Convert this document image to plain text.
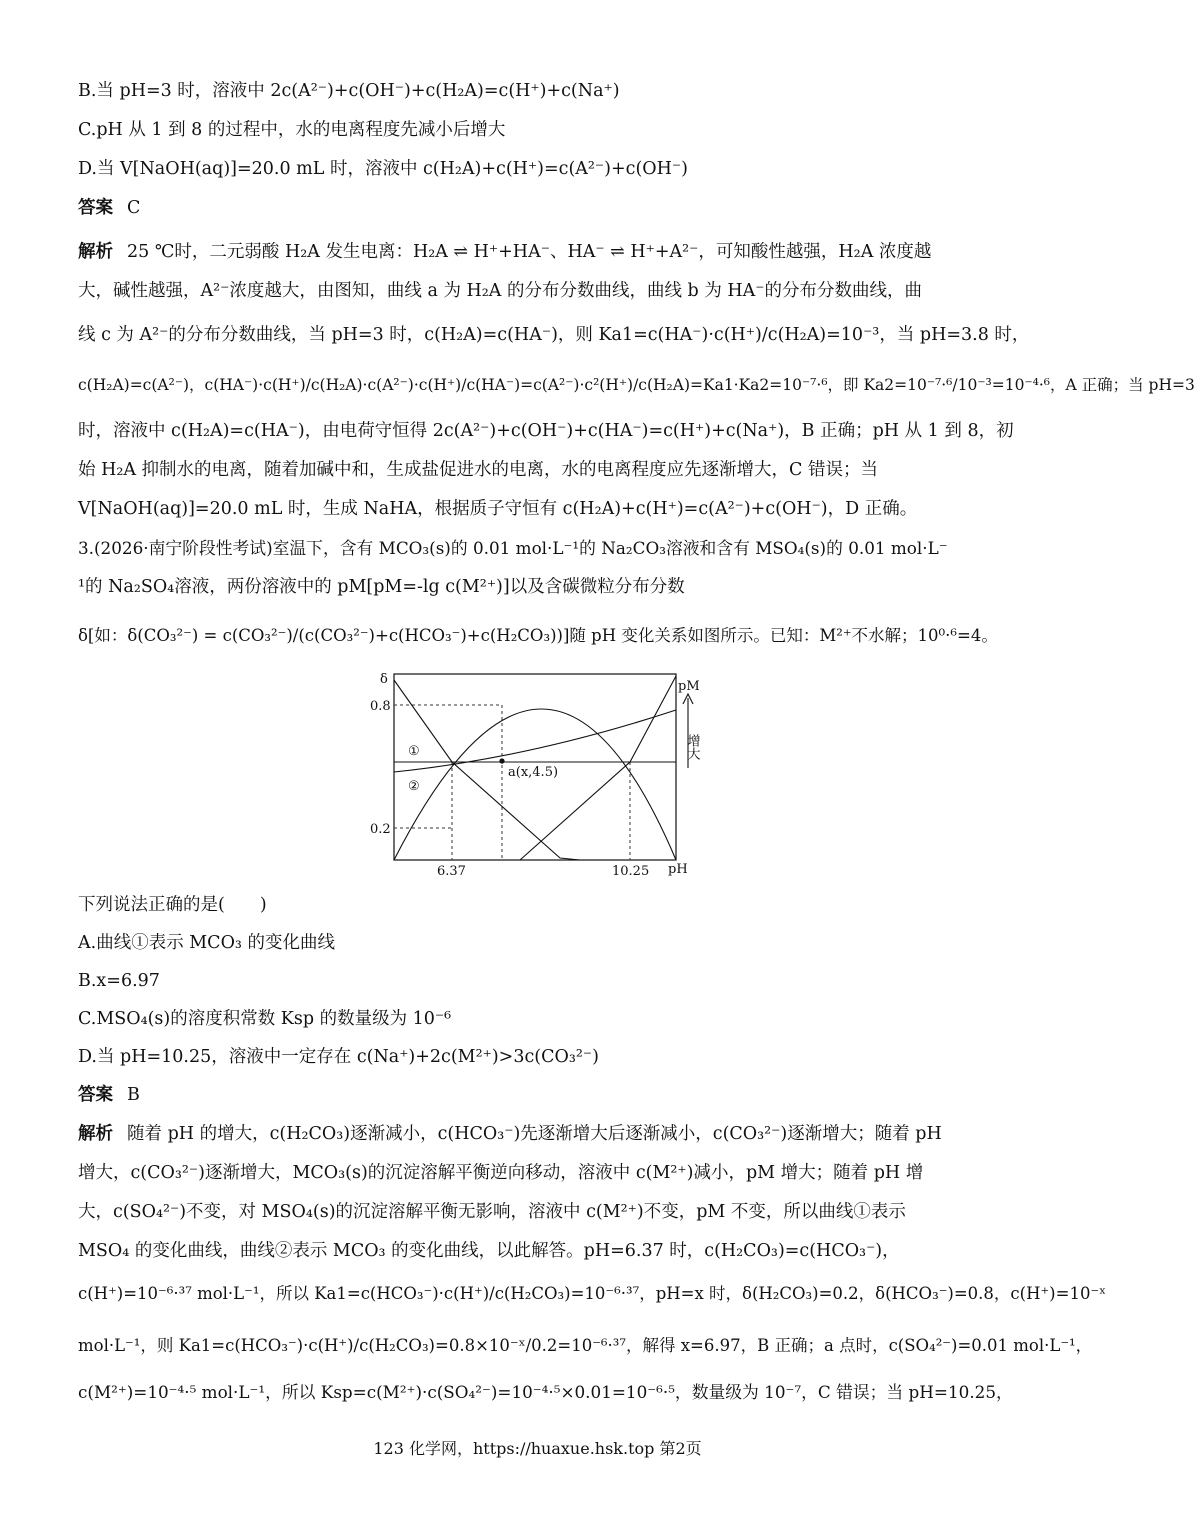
B.当 pH=3 时，溶液中 2c(A²⁻)+c(OH⁻)+c(H₂A)=c(H⁺)+c(Na⁺)
C.pH 从 1 到 8 的过程中，水的电离程度先减小后增大
D.当 V[NaOH(aq)]=20.0 mL 时，溶液中 c(H₂A)+c(H⁺)=c(A²⁻)+c(OH⁻)
答案 C
解析 25 ℃时，二元弱酸 H₂A 发生电离：H₂A ⇌ H⁺+HA⁻、HA⁻ ⇌ H⁺+A²⁻，可知酸性越强，H₂A 浓度越
大，碱性越强，A²⁻浓度越大，由图知，曲线 a 为 H₂A 的分布分数曲线，曲线 b 为 HA⁻的分布分数曲线，曲
线 c 为 A²⁻的分布分数曲线，当 pH=3 时，c(H₂A)=c(HA⁻)，则 Ka1=c(HA⁻)·c(H⁺)/c(H₂A)=10⁻³，当 pH=3.8 时，
c(H₂A)=c(A²⁻)，c(HA⁻)·c(H⁺)/c(H₂A)·c(A²⁻)·c(H⁺)/c(HA⁻)=c(A²⁻)·c²(H⁺)/c(H₂A)=Ka1·Ka2=10⁻⁷·⁶，即 Ka2=10⁻⁷·⁶/10⁻³=10⁻⁴·⁶，A 正确；当 pH=3
时，溶液中 c(H₂A)=c(HA⁻)，由电荷守恒得 2c(A²⁻)+c(OH⁻)+c(HA⁻)=c(H⁺)+c(Na⁺)，B 正确；pH 从 1 到 8，初
始 H₂A 抑制水的电离，随着加碱中和，生成盐促进水的电离，水的电离程度应先逐渐增大，C 错误；当
V[NaOH(aq)]=20.0 mL 时，生成 NaHA，根据质子守恒有 c(H₂A)+c(H⁺)=c(A²⁻)+c(OH⁻)，D 正确。
3.(2026·南宁阶段性考试)室温下，含有 MCO₃(s)的 0.01 mol·L⁻¹的 Na₂CO₃溶液和含有 MSO₄(s)的 0.01 mol·L⁻
¹的 Na₂SO₄溶液，两份溶液中的 pM[pM=-lg c(M²⁺)]以及含碳微粒分布分数
δ[如：δ(CO₃²⁻) = c(CO₃²⁻)/(c(CO₃²⁻)+c(HCO₃⁻)+c(H₂CO₃))]随 pH 变化关系如图所示。已知：M²⁺不水解；10⁰·⁶=4。
下列说法正确的是(　　)
A.曲线①表示 MCO₃ 的变化曲线
B.x=6.97
C.MSO₄(s)的溶度积常数 Ksp 的数量级为 10⁻⁶
D.当 pH=10.25，溶液中一定存在 c(Na⁺)+2c(M²⁺)>3c(CO₃²⁻)
答案 B
解析 随着 pH 的增大，c(H₂CO₃)逐渐减小，c(HCO₃⁻)先逐渐增大后逐渐减小，c(CO₃²⁻)逐渐增大；随着 pH
增大，c(CO₃²⁻)逐渐增大，MCO₃(s)的沉淀溶解平衡逆向移动，溶液中 c(M²⁺)减小，pM 增大；随着 pH 增
大，c(SO₄²⁻)不变，对 MSO₄(s)的沉淀溶解平衡无影响，溶液中 c(M²⁺)不变，pM 不变，所以曲线①表示
MSO₄ 的变化曲线，曲线②表示 MCO₃ 的变化曲线，以此解答。pH=6.37 时，c(H₂CO₃)=c(HCO₃⁻)，
c(H⁺)=10⁻⁶·³⁷ mol·L⁻¹，所以 Ka1=c(HCO₃⁻)·c(H⁺)/c(H₂CO₃)=10⁻⁶·³⁷，pH=x 时，δ(H₂CO₃)=0.2，δ(HCO₃⁻)=0.8，c(H⁺)=10⁻ˣ
mol·L⁻¹，则 Ka1=c(HCO₃⁻)·c(H⁺)/c(H₂CO₃)=0.8×10⁻ˣ/0.2=10⁻⁶·³⁷，解得 x=6.97，B 正确；a 点时，c(SO₄²⁻)=0.01 mol·L⁻¹，
c(M²⁺)=10⁻⁴·⁵ mol·L⁻¹，所以 Ksp=c(M²⁺)·c(SO₄²⁻)=10⁻⁴·⁵×0.01=10⁻⁶·⁵，数量级为 10⁻⁷，C 错误；当 pH=10.25，
δ
0.8
0.2
6.37	10.25 pH
pM
①
②
a(x,4.5)
增大
123 化学网，https://huaxue.hsk.top 第2页
